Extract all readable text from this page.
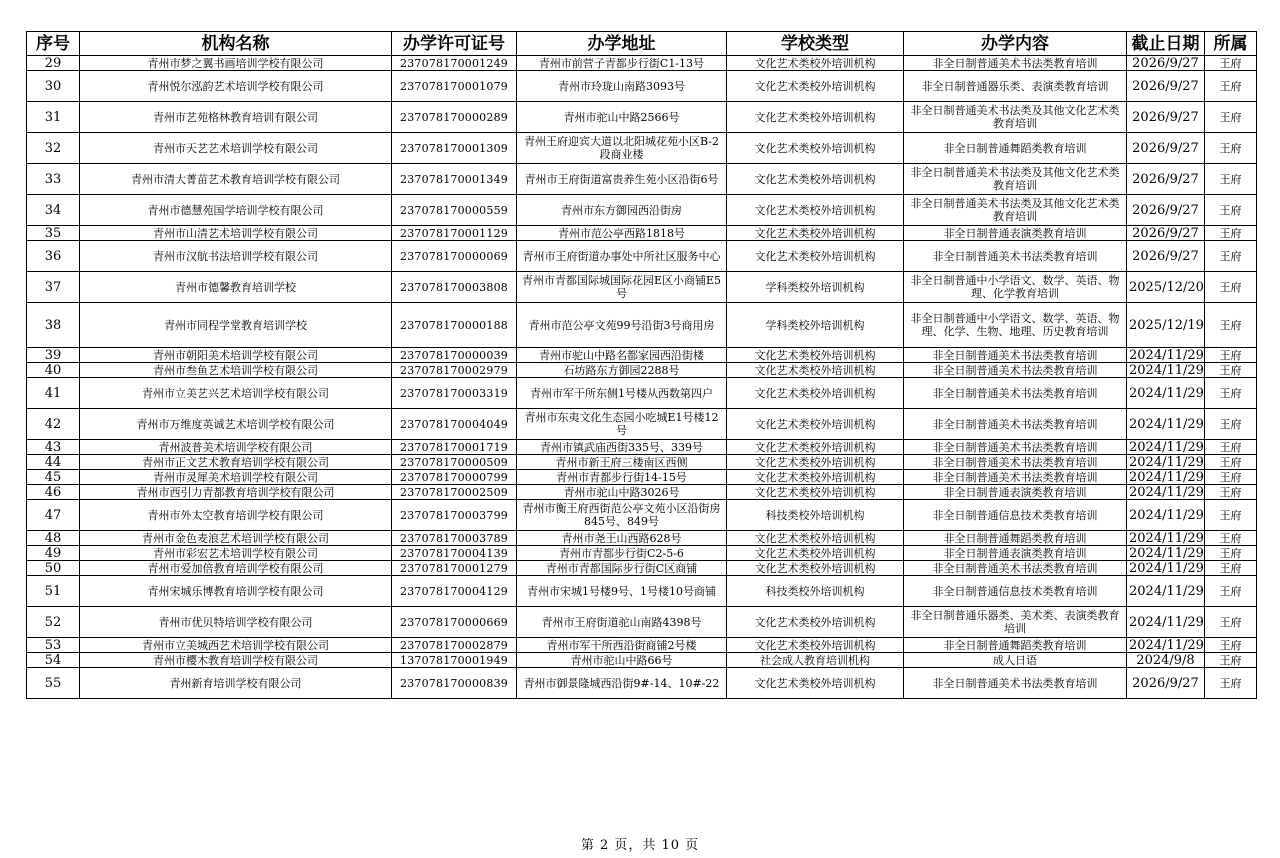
序号	机构名称	办学许可证号	办学地址	学校类型	办学内容	截止日期	所属
29	青州市梦之翼书画培训学校有限公司	237078170001249	青州市前营子青都步行街C1-13号	文化艺术类校外培训机构	非全日制普通美术书法类教育培训	2026/9/27	王府
30	青州悦尔泓韵艺术培训学校有限公司	237078170001079	青州市玲珑山南路3093号	文化艺术类校外培训机构	非全日制普通器乐类、表演类教育培训	2026/9/27	王府
31	青州市艺苑格林教育培训有限公司	237078170000289	青州市驼山中路2566号	文化艺术类校外培训机构	非全日制普通美术书法类及其他文化艺术类教育培训	2026/9/27	王府
32	青州市天艺艺术培训学校有限公司	237078170001309	青州王府迎宾大道以北阳城花苑小区B-2段商业楼	文化艺术类校外培训机构	非全日制普通舞蹈类教育培训	2026/9/27	王府
33	青州市清大菁苗艺术教育培训学校有限公司	237078170001349	青州市王府街道富贵养生苑小区沿街6号	文化艺术类校外培训机构	非全日制普通美术书法类及其他文化艺术类教育培训	2026/9/27	王府
34	青州市德慧苑国学培训学校有限公司	237078170000559	青州市东方御园西沿街房	文化艺术类校外培训机构	非全日制普通美术书法类及其他文化艺术类教育培训	2026/9/27	王府
35	青州市山清艺术培训学校有限公司	237078170001129	青州市范公亭西路1818号	文化艺术类校外培训机构	非全日制普通表演类教育培训	2026/9/27	王府
36	青州市汉航书法培训学校有限公司	237078170000069	青州市王府街道办事处中所社区服务中心	文化艺术类校外培训机构	非全日制普通美术书法类教育培训	2026/9/27	王府
37	青州市德馨教育培训学校	237078170003808	青州市青都国际城国际花园E区小商铺E5号	学科类校外培训机构	非全日制普通中小学语文、数学、英语、物理、化学教育培训	2025/12/20	王府
38	青州市同程学堂教育培训学校	237078170000188	青州市范公亭文苑99号沿街3号商用房	学科类校外培训机构	非全日制普通中小学语文、数学、英语、物理、化学、生物、地理、历史教育培训	2025/12/19	王府
39	青州市朝阳美术培训学校有限公司	237078170000039	青州市驼山中路名都家园西沿街楼	文化艺术类校外培训机构	非全日制普通美术书法类教育培训	2024/11/29	王府
40	青州市叁鱼艺术培训学校有限公司	237078170002979	石坊路东方御园2288号	文化艺术类校外培训机构	非全日制普通美术书法类教育培训	2024/11/29	王府
41	青州市立美艺兴艺术培训学校有限公司	237078170003319	青州市军干所东侧1号楼从西数第四户	文化艺术类校外培训机构	非全日制普通美术书法类教育培训	2024/11/29	王府
42	青州市万维度英诚艺术培训学校有限公司	237078170004049	青州市东夷文化生态园小吃城E1号楼12号	文化艺术类校外培训机构	非全日制普通美术书法类教育培训	2024/11/29	王府
43	青州波普美术培训学校有限公司	237078170001719	青州市镇武庙西街335号、339号	文化艺术类校外培训机构	非全日制普通美术书法类教育培训	2024/11/29	王府
44	青州市正文艺术教育培训学校有限公司	237078170000509	青州市新王府三楼南区西侧	文化艺术类校外培训机构	非全日制普通美术书法类教育培训	2024/11/29	王府
45	青州市灵犀美术培训学校有限公司	237078170000799	青州市青都步行街14-15号	文化艺术类校外培训机构	非全日制普通美术书法类教育培训	2024/11/29	王府
46	青州市西引力青都教育培训学校有限公司	237078170002509	青州市驼山中路3026号	文化艺术类校外培训机构	非全日制普通表演类教育培训	2024/11/29	王府
47	青州市外太空教育培训学校有限公司	237078170003799	青州市衡王府西街范公亭文苑小区沿街房845号、849号	科技类校外培训机构	非全日制普通信息技术类教育培训	2024/11/29	王府
48	青州市金色麦浪艺术培训学校有限公司	237078170003789	青州市尧王山西路628号	文化艺术类校外培训机构	非全日制普通舞蹈类教育培训	2024/11/29	王府
49	青州市彩宏艺术培训学校有限公司	237078170004139	青州市青都步行街C2-5-6	文化艺术类校外培训机构	非全日制普通表演类教育培训	2024/11/29	王府
50	青州市爱加倍教育培训学校有限公司	237078170001279	青州市青都国际步行街C区商铺	文化艺术类校外培训机构	非全日制普通美术书法类教育培训	2024/11/29	王府
51	青州宋城乐博教育培训学校有限公司	237078170004129	青州市宋城1号楼9号、1号楼10号商铺	科技类校外培训机构	非全日制普通信息技术类教育培训	2024/11/29	王府
52	青州市优贝特培训学校有限公司	237078170000669	青州市王府街道驼山南路4398号	文化艺术类校外培训机构	非全日制普通乐器类、美术类、表演类教育培训	2024/11/29	王府
53	青州市立美城西艺术培训学校有限公司	237078170002879	青州市军干所西沿街商铺2号楼	文化艺术类校外培训机构	非全日制普通舞蹈类教育培训	2024/11/29	王府
54	青州市樱木教育培训学校有限公司	137078170001949	青州市驼山中路66号	社会成人教育培训机构	成人日语	2024/9/8	王府
55	青州新育培训学校有限公司	237078170000839	青州市御景隆城西沿街9#-14、10#-22	文化艺术类校外培训机构	非全日制普通美术书法类教育培训	2026/9/27	王府
第 2 页，共 10 页
